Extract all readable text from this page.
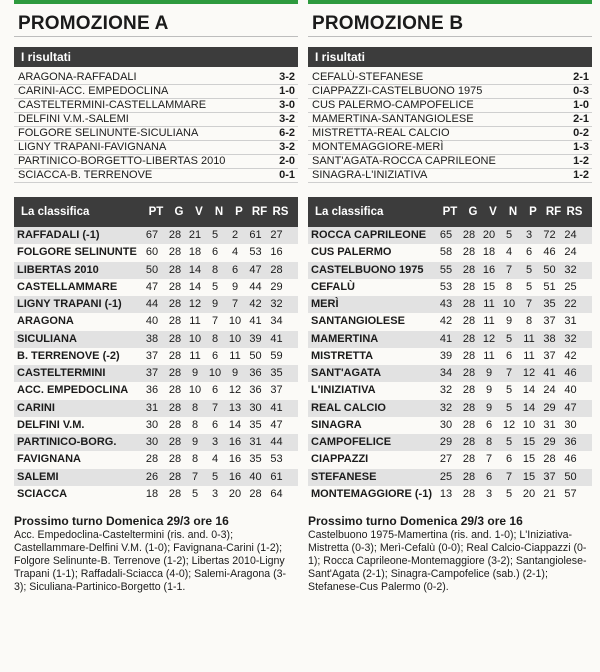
PROMOZIONE A
I risultati
ARAGONA-RAFFADALI	3-2
CARINI-ACC. EMPEDOCLINA	1-0
CASTELTERMINI-CASTELLAMMARE	3-0
DELFINI V.M.-SALEMI	3-2
FOLGORE SELINUNTE-SICULIANA	6-2
LIGNY TRAPANI-FAVIGNANA	3-2
PARTINICO-BORGETTO-LIBERTAS 2010	2-0
SCIACCA-B. TERRENOVE	0-1
La classifica	PT G	V	N	P RF RS
RAFFADALI (-1)	67 28 21 5	2	61 27
FOLGORE SELINUNTE 60 28 18 6	4	53 16
LIBERTAS 2010	50 28 14 8	6	47 28
CASTELLAMMARE	47 28 14 5	9	44 29
LIGNY TRAPANI (-1)	44 28 12 9	7	42 32
ARAGONA	40 28 11	7 10 41 34
SICULIANA	38 28 10 8 10 39 41
B. TERRENOVE (-2)	37 28 11	6	11 50 59
CASTELTERMINI	37 28 9 10 9	36 35
ACC. EMPEDOCLINA	36 28 10 6 12 36 37
CARINI	31 28 8	7 13 30 41
DELFINI V.M.	30 28 8	6 14 35 47
PARTINICO-BORG.	30 28 9	3 16 31 44
FAVIGNANA	28 28 8	4 16 35 53
SALEMI	26 28 7	5 16 40 61
SCIACCA	18 28 5	3 20 28 64
Prossimo turno Domenica 29/3 ore 16
Acc. Empedoclina-Casteltermini (ris. and. 0-3); Castellammare-Delfini V.M. (1-0); Favignana-Carini (1-2); Folgore Selinunte-B. Terrenove (1-2); Libertas 2010-Ligny Trapani (1-1); Raffadali-Sciacca (4-0); Salemi-Aragona (3-3); Siculiana-Partinico-Borgetto (1-1.
PROMOZIONE B
I risultati
CEFALÙ-STEFANESE	2-1
CIAPPAZZI-CASTELBUONO 1975	0-3
CUS PALERMO-CAMPOFELICE	1-0
MAMERTINA-SANTANGIOLESE	2-1
MISTRETTA-REAL CALCIO	0-2
MONTEMAGGIORE-MERÌ	1-3
SANT'AGATA-ROCCA CAPRILEONE	1-2
SINAGRA-L'INIZIATIVA	1-2
La classifica	PT G	V	N	P RF RS
ROCCA CAPRILEONE	65 28 20 5	3	72 24
CUS PALERMO	58 28 18 4	6	46 24
CASTELBUONO 1975	55 28 16 7	5	50 32
CEFALÙ	53 28 15 8	5	51 25
MERÌ	43 28 11 10 7	35 22
SANTANGIOLESE	42 28 11	9	8	37 31
MAMERTINA	41 28 12 5	11 38 32
MISTRETTA	39 28 11	6	11 37 42
SANT'AGATA	34 28 9	7 12 41 46
L'INIZIATIVA	32 28 9	5 14 24 40
REAL CALCIO	32 28 9	5 14 29 47
SINAGRA	30 28 6 12 10 31 30
CAMPOFELICE	29 28 8	5 15 29 36
CIAPPAZZI	27 28 7	6 15 28 46
STEFANESE	25 28 6	7 15 37 50
MONTEMAGGIORE (-1) 13 28 3	5 20 21 57
Prossimo turno Domenica 29/3 ore 16
Castelbuono 1975-Mamertina (ris. and. 1-0); L'Iniziativa-Mistretta (0-3); Merì-Cefalù (0-0); Real Calcio-Ciappazzi (0-1); Rocca Caprileone-Montemaggiore (3-2); Santangiolese-Sant'Agata (2-1); Sinagra-Campofelice (sab.) (2-1); Stefanese-Cus Palermo (0-2).
